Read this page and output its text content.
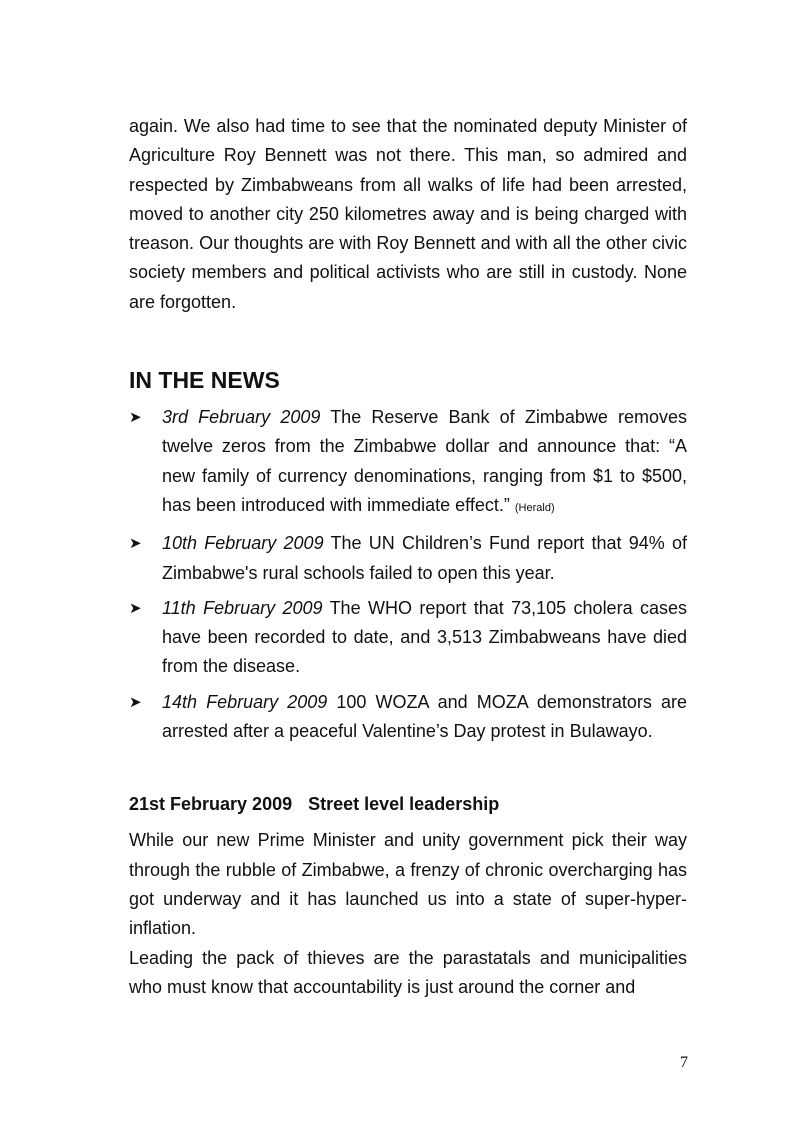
again. We also had time to see that the nominated deputy Minister of Agriculture Roy Bennett was not there. This man, so admired and respected by Zimbabweans from all walks of life had been arrested, moved to another city 250 kilometres away and is being charged with treason. Our thoughts are with Roy Bennett and with all the other civic society members and political activists who are still in custody. None are forgotten.

IN THE NEWS
➤ 3rd February 2009 The Reserve Bank of Zimbabwe removes twelve zeros from the Zimbabwe dollar and announce that: “A new family of currency denominations, ranging from $1 to $500, has been introduced with immediate effect.” (Herald)
➤ 10th February 2009 The UN Children’s Fund report that 94% of Zimbabwe's rural schools failed to open this year.
➤ 11th February 2009 The WHO report that 73,105 cholera cases have been recorded to date, and 3,513 Zimbabweans have died from the disease.
➤ 14th February 2009 100 WOZA and MOZA demonstrators are arrested after a peaceful Valentine’s Day protest in Bulawayo.
21st February 2009 Street level leadership

While our new Prime Minister and unity government pick their way through the rubble of Zimbabwe, a frenzy of chronic overcharging has got underway and it has launched us into a state of super-hyper-inflation.

Leading the pack of thieves are the parastatals and municipalities who must know that accountability is just around the corner and

7
